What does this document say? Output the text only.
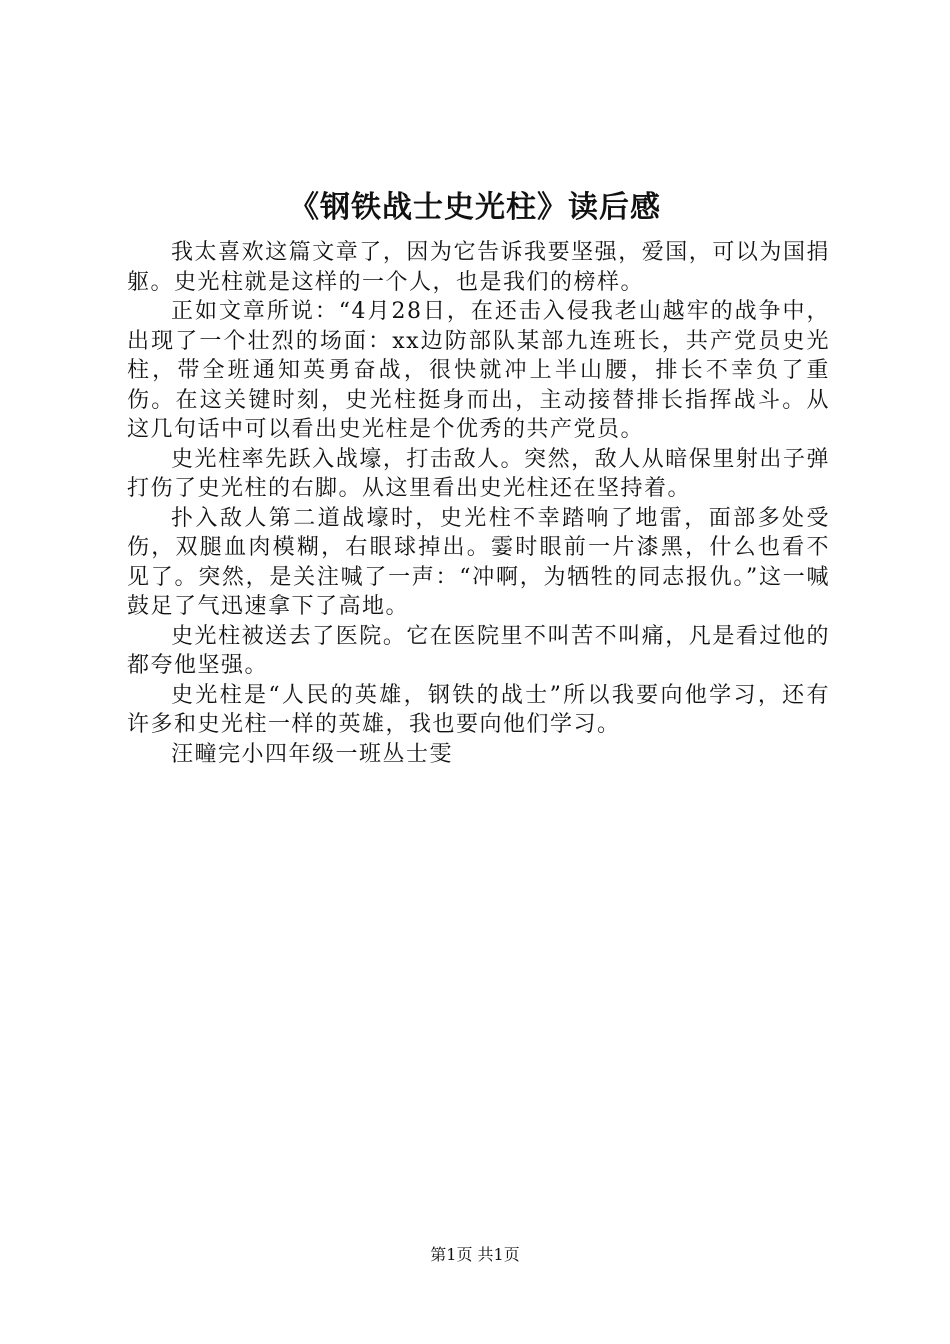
《钢铁战士史光柱》读后感

我太喜欢这篇文章了，因为它告诉我要坚强，爱国，可以为国捐躯。史光柱就是这样的一个人，也是我们的榜样。

正如文章所说：“4月28日，在还击入侵我老山越牢的战争中，出现了一个壮烈的场面：xx边防部队某部九连班长，共产党员史光柱，带全班通知英勇奋战，很快就冲上半山腰，排长不幸负了重伤。在这关键时刻，史光柱挺身而出，主动接替排长指挥战斗。从这几句话中可以看出史光柱是个优秀的共产党员。

史光柱率先跃入战壕，打击敌人。突然，敌人从暗保里射出子弹打伤了史光柱的右脚。从这里看出史光柱还在坚持着。

扑入敌人第二道战壕时，史光柱不幸踏响了地雷，面部多处受伤，双腿血肉模糊，右眼球掉出。霎时眼前一片漆黑，什么也看不见了。突然，是关注喊了一声：“冲啊，为牺牲的同志报仇。”这一喊鼓足了气迅速拿下了高地。

史光柱被送去了医院。它在医院里不叫苦不叫痛，凡是看过他的都夸他坚强。

史光柱是“人民的英雄，钢铁的战士”所以我要向他学习，还有许多和史光柱一样的英雄，我也要向他们学习。

汪疃完小四年级一班丛士雯

第1页 共1页
